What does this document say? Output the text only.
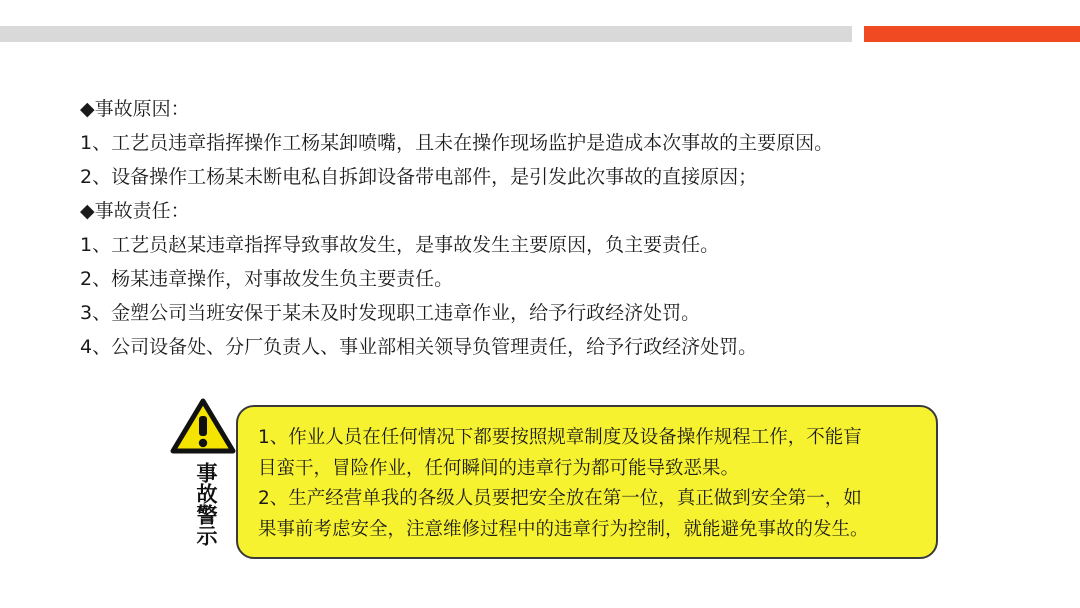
◆事故原因：
1、工艺员违章指挥操作工杨某卸喷嘴，且未在操作现场监护是造成本次事故的主要原因。
2、设备操作工杨某未断电私自拆卸设备带电部件，是引发此次事故的直接原因；
◆事故责任：
1、工艺员赵某违章指挥导致事故发生，是事故发生主要原因，负主要责任。
2、杨某违章操作，对事故发生负主要责任。
3、金塑公司当班安保于某未及时发现职工违章作业，给予行政经济处罚。
4、公司设备处、分厂负责人、事业部相关领导负管理责任，给予行政经济处罚。
事故警示
1、作业人员在任何情况下都要按照规章制度及设备操作规程工作，不能盲
目蛮干，冒险作业，任何瞬间的违章行为都可能导致恶果。
2、生产经营单我的各级人员要把安全放在第一位，真正做到安全第一，如
果事前考虑安全，注意维修过程中的违章行为控制，就能避免事故的发生。
